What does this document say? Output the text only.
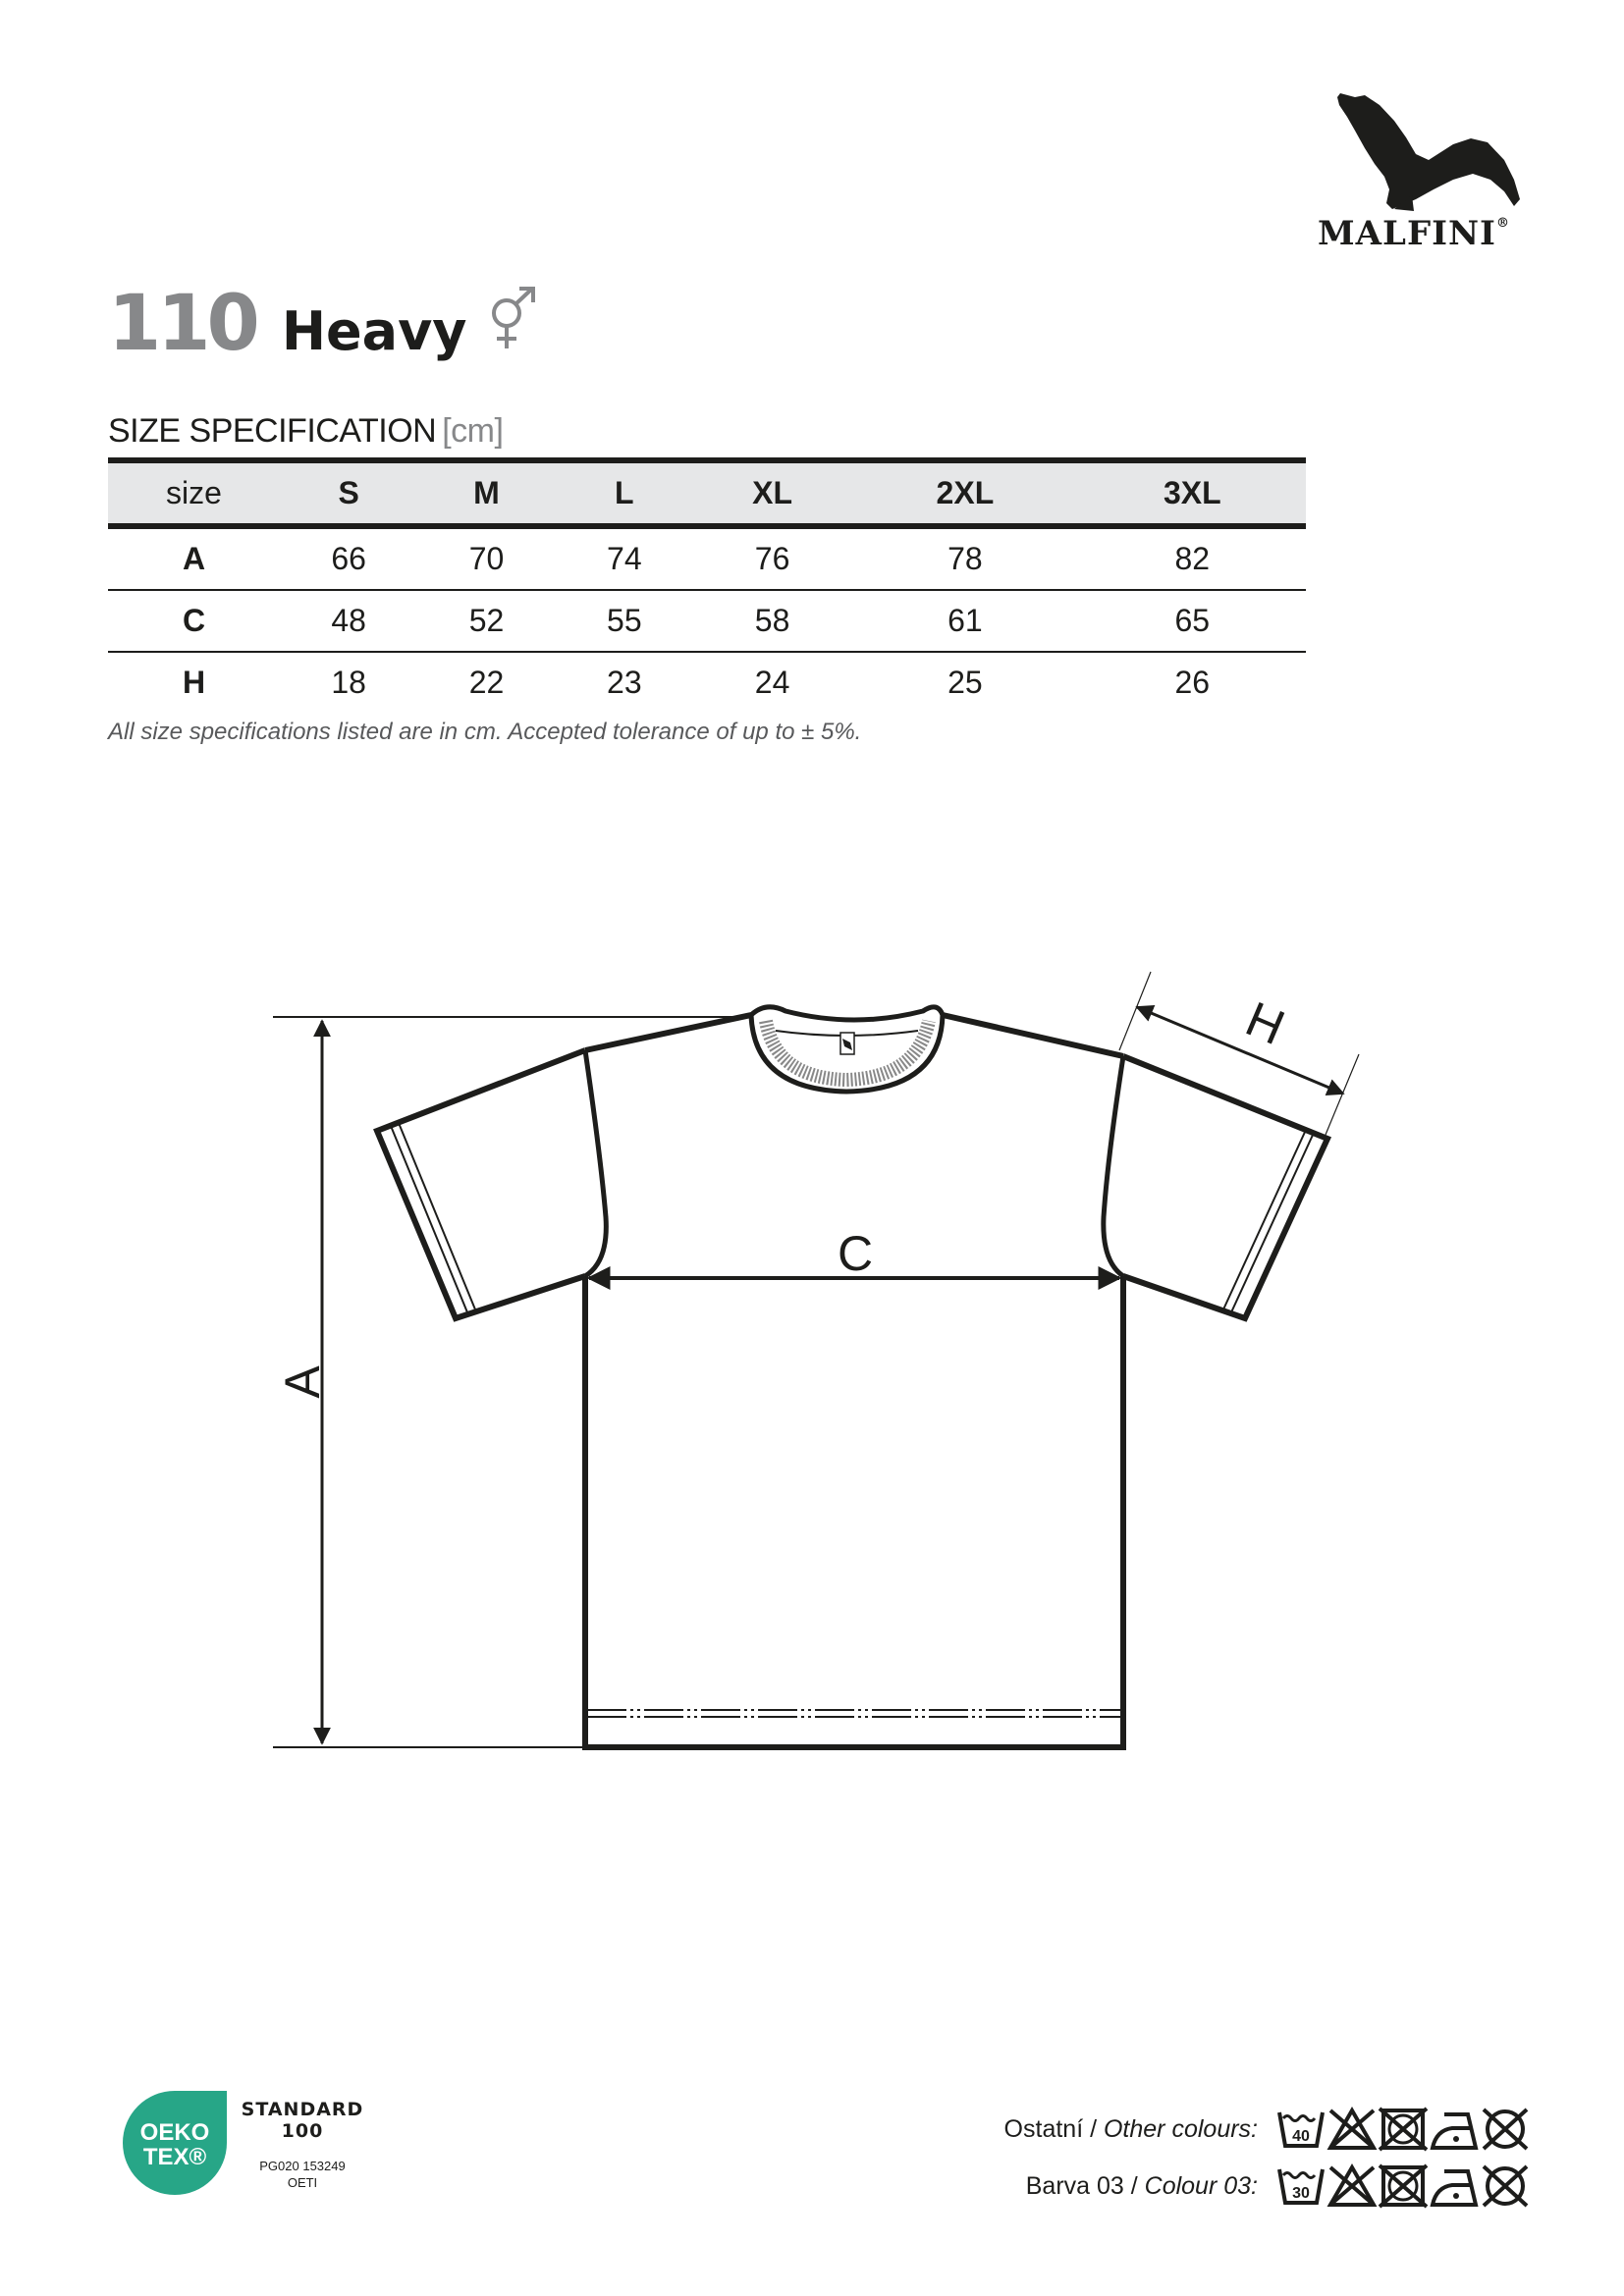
MALFINI®
110 Heavy
SIZE SPECIFICATION [cm]
size	S	M	L	XL	2XL	3XL
A	66	70	74	76	78	82
C	48	52	55	58	61	65
H	18	22	23	24	25	26
All size specifications listed are in cm. Accepted tolerance of up to ± 5%.
A
C
H
OEKO
TEX®
STANDARD
100
PG020 153249
OETI
Ostatní / Other colours: 40
Barva 03 / Colour 03: 30
